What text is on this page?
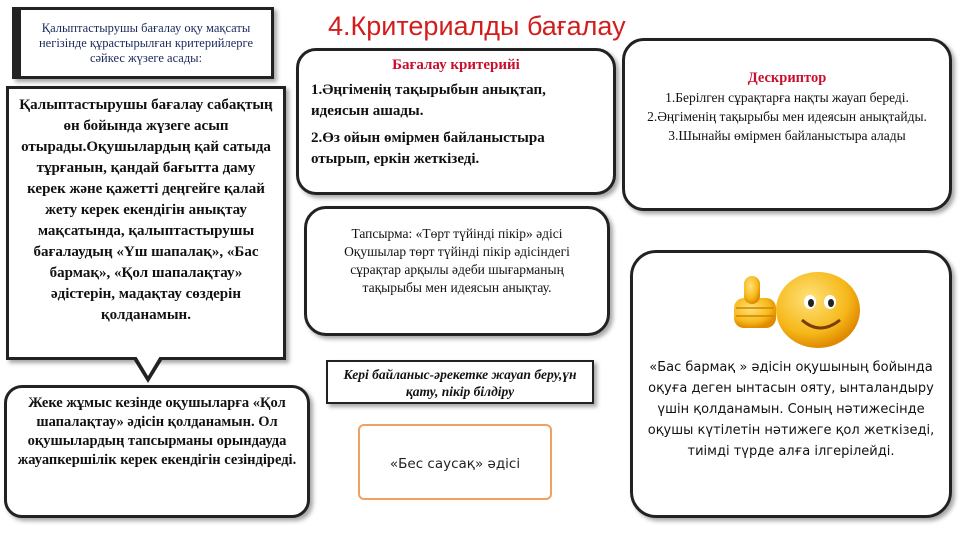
Қалыптастырушы бағалау оқу мақсаты негізінде құрастырылған критерийлерге сәйкес жүзеге асады:
4.Критериалды бағалау
Қалыптастырушы бағалау сабақтың өн бойында жүзеге асып отырады.Оқушылардың қай сатыда тұрғанын, қандай бағытта даму керек және қажетті деңгейге қалай жету керек екендігін анықтау мақсатында, қалыптастырушы бағалаудың «Үш шапалақ», «Бас бармақ», «Қол шапалақтау» әдістерін, мадақтау сөздерін қолданамын.
Жеке жұмыс кезінде оқушыларға «Қол шапалақтау» әдісін қолданамын. Ол оқушылардың тапсырманы орындауда жауапкершілік керек екендігін сезіндіреді.
Бағалау критерийі
1.Әңгіменің тақырыбын анықтап, идеясын ашады.
2.Өз ойын өмірмен байланыстыра отырып, еркін жеткізеді.
Дескриптор
1.Берілген сұрақтарға нақты жауап береді.
2.Әңгіменің тақырыбы мен идеясын анықтайды.
3.Шынайы өмірмен байланыстыра алады
Тапсырма: «Төрт түйінді пікір» әдісі Оқушылар төрт түйінді пікір әдісіндегі сұрақтар арқылы әдеби шығарманың тақырыбы мен идеясын анықтау.
Кері байланыс-әрекетке жауап беру,үн қату, пікір білдіру
«Бес саусақ» әдісі
«Бас бармақ » әдісін оқушының бойында оқуға деген ынтасын ояту, ынталандыру үшін қолданамын. Соның нәтижесінде оқушы күтілетін нәтижеге қол жеткізеді, тиімді түрде алға ілгерілейді.
